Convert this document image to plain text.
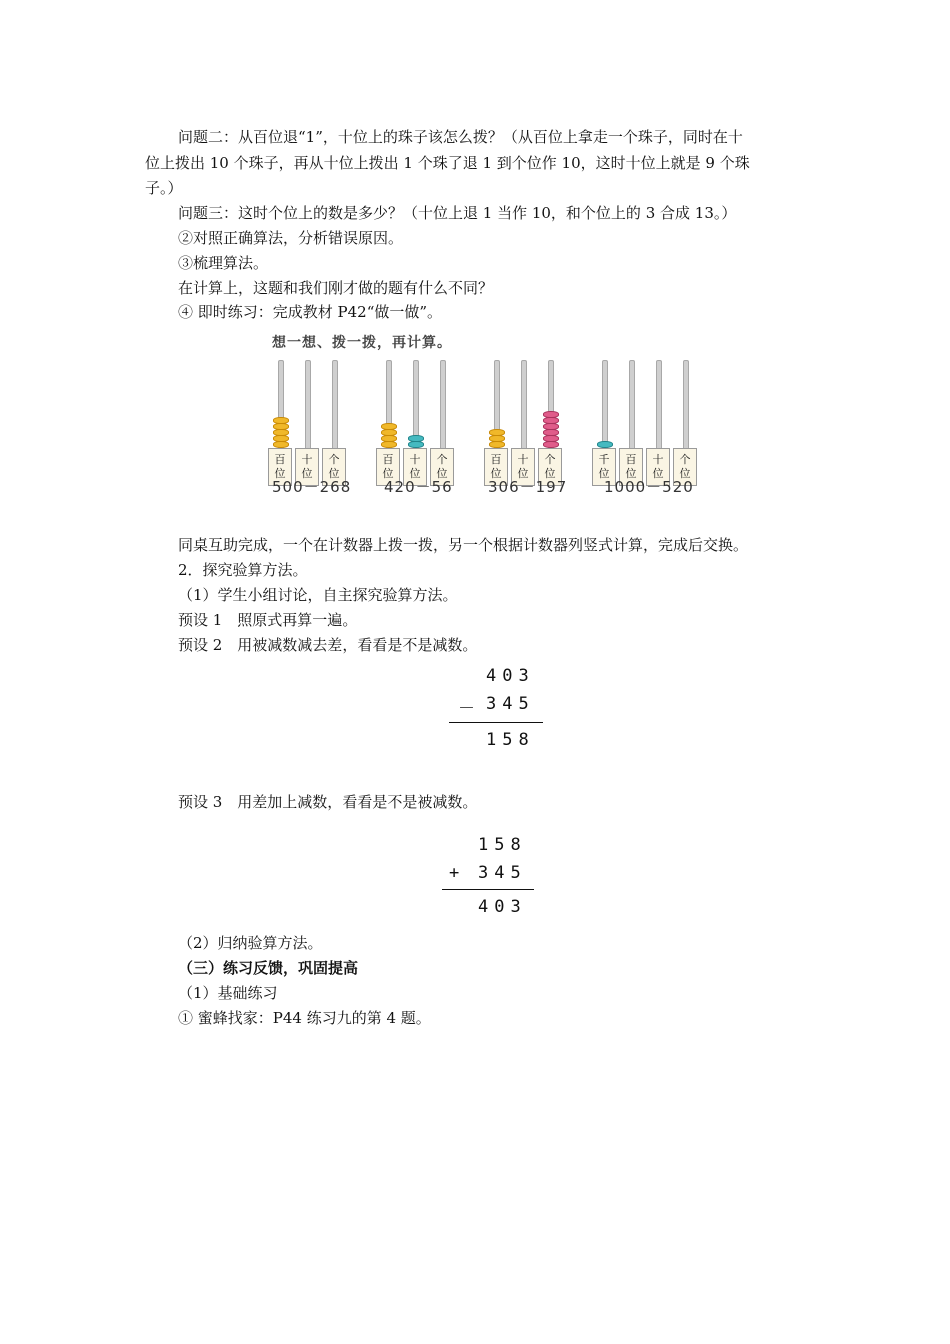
问题二：从百位退“1”，十位上的珠子该怎么拨？（从百位上拿走一个珠子，同时在十
位上拨出 10 个珠子，再从十位上拨出 1 个珠了退 1 到个位作 10，这时十位上就是 9 个珠
子。）
问题三：这时个位上的数是多少？（十位上退 1 当作 10，和个位上的 3 合成 13。）
②对照正确算法，分析错误原因。
③梳理算法。
在计算上，这题和我们刚才做的题有什么不同？
④ 即时练习：完成教材 P42“做一做”。
想一想、拨一拨，再计算。
百
位
十
位
个
位
500－268
百
位
十
位
个
位
420－56
百
位
十
位
个
位
306－197
千
位
百
位
十
位
个
位
1000－520
同桌互助完成，一个在计数器上拨一拨，另一个根据计数器列竖式计算，完成后交换。
2．探究验算方法。
（1）学生小组讨论，自主探究验算方法。
预设 1　照原式再算一遍。
预设 2　用被减数减去差，看看是不是减数。
403
－ 345
158
预设 3　用差加上减数，看看是不是被减数。
158
+ 345
403
（2）归纳验算方法。
（三）练习反馈，巩固提高
（1）基础练习
① 蜜蜂找家：P44 练习九的第 4 题。
